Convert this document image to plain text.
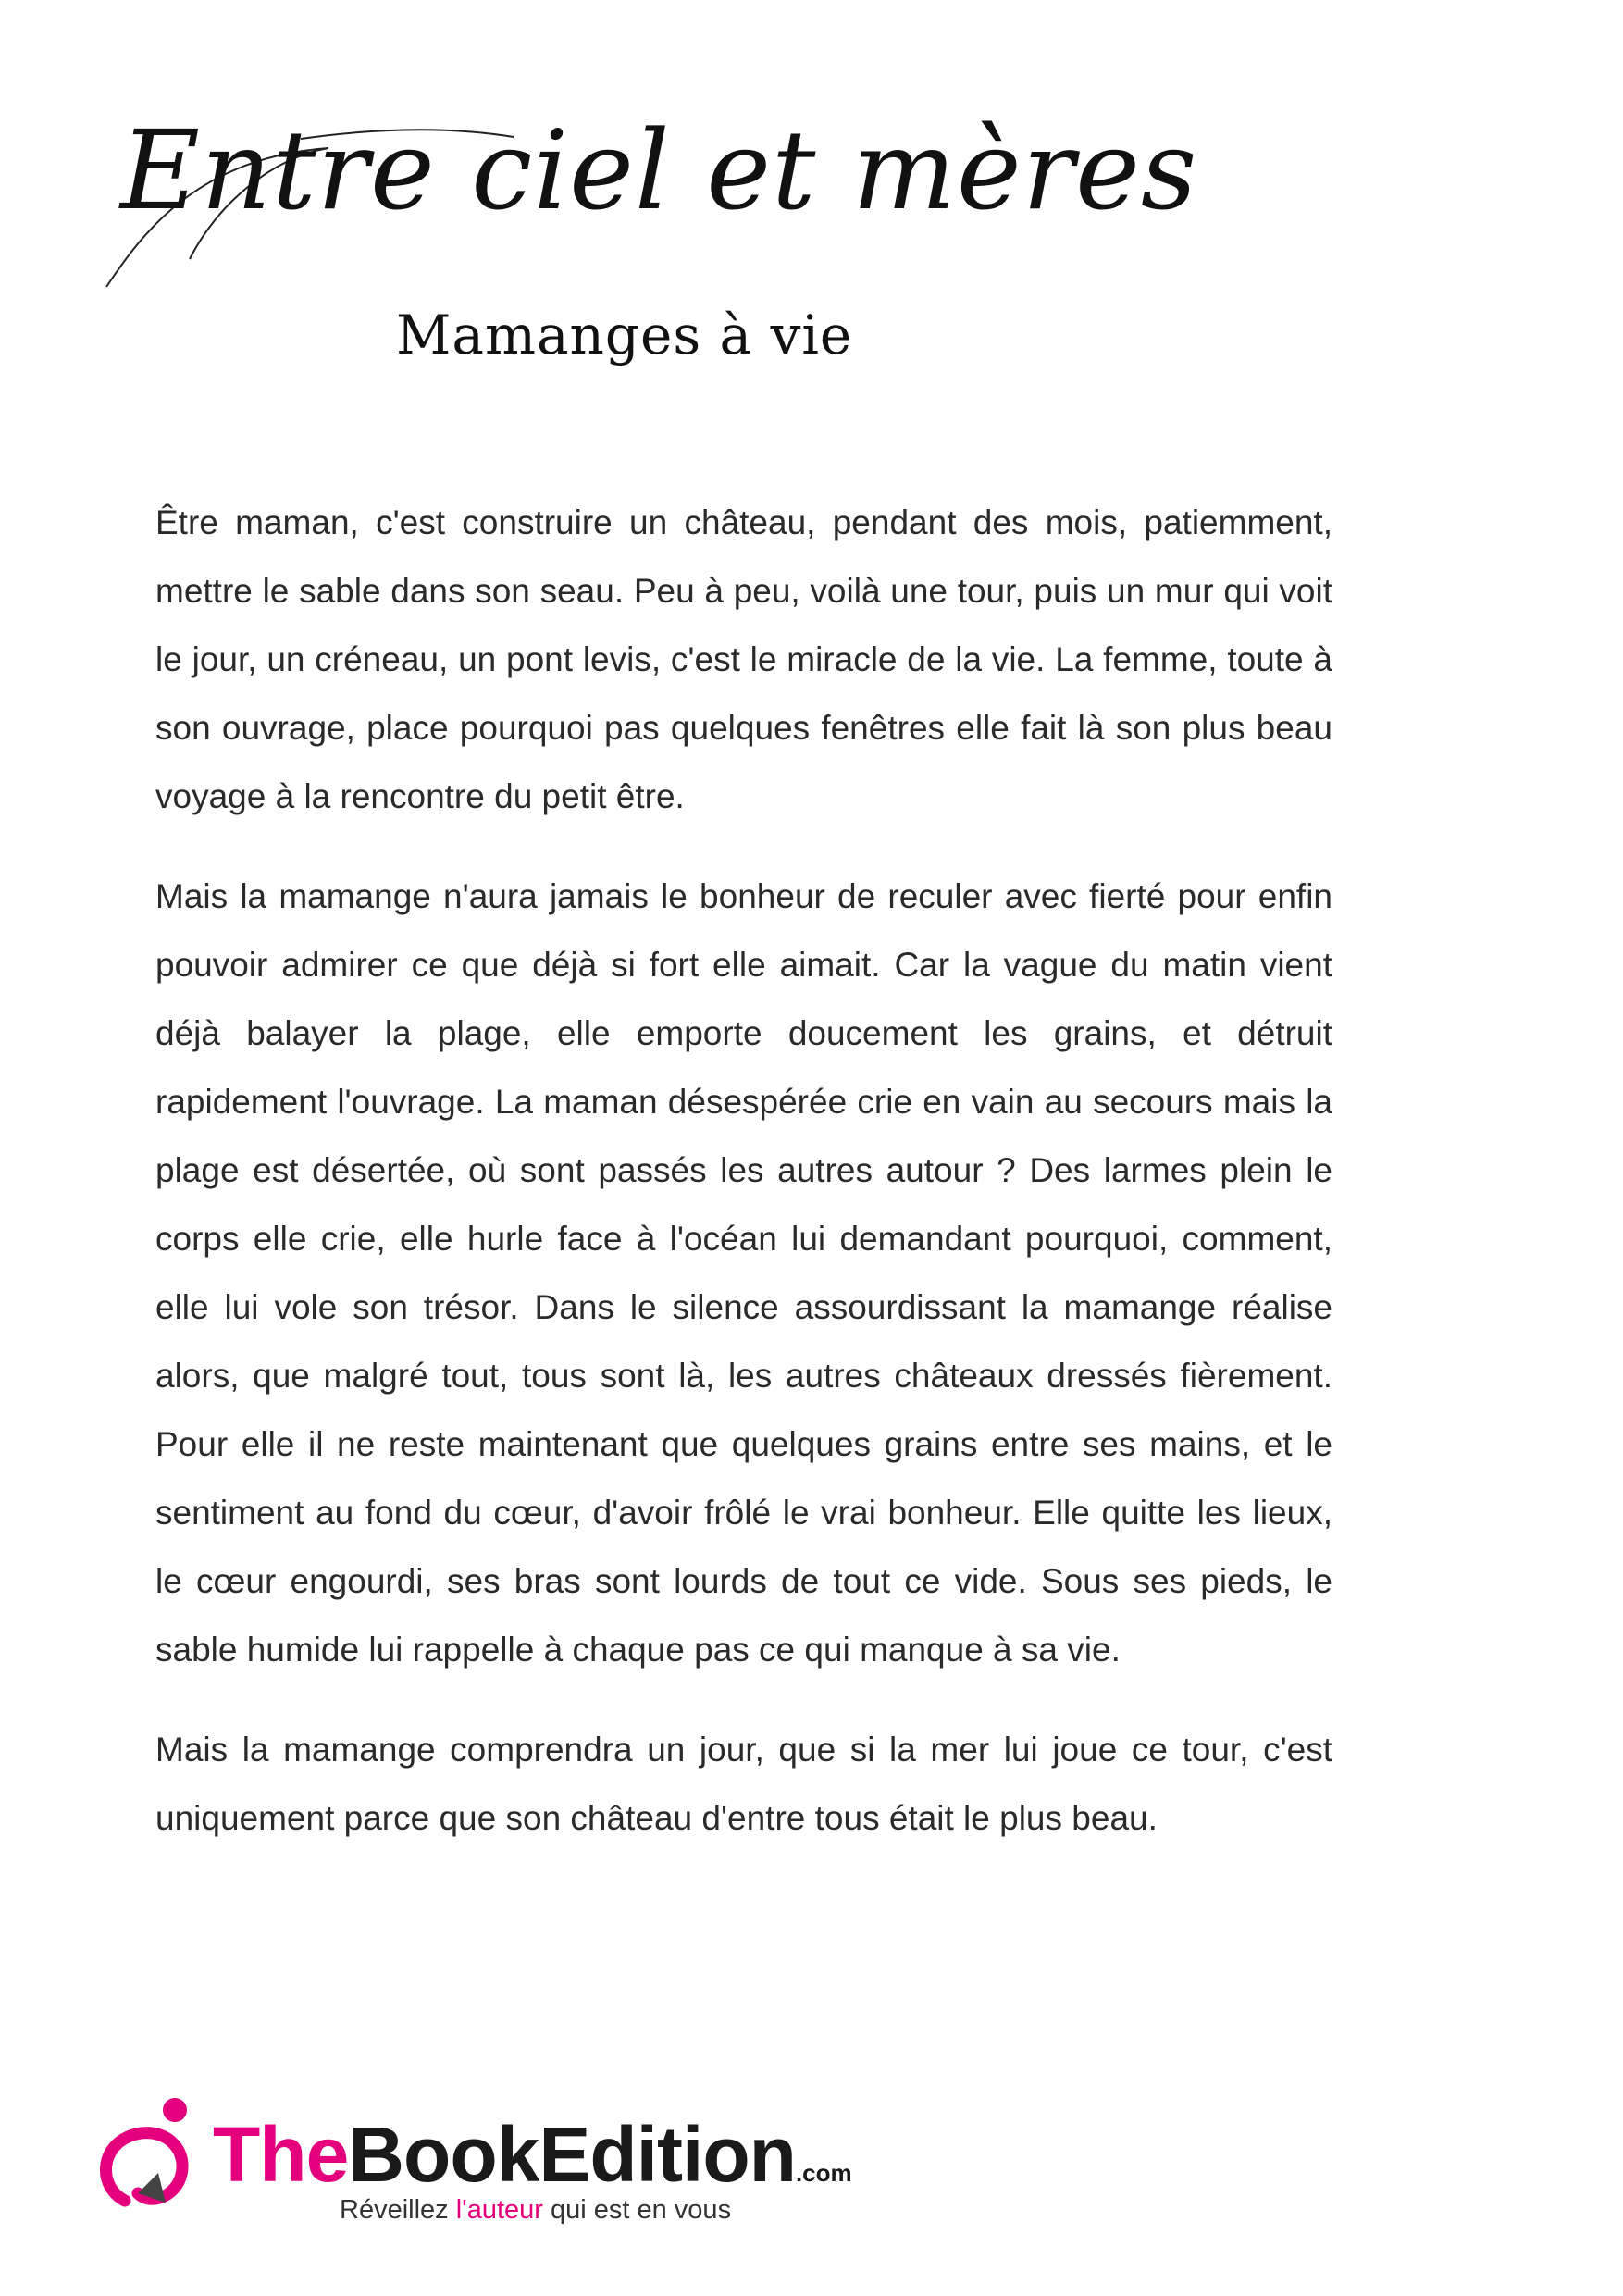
Entre ciel et mères
Mamanges à vie

Être maman, c'est construire un château, pendant des mois, patiemment, mettre le sable dans son seau. Peu à peu, voilà une tour, puis un mur qui voit le jour, un créneau, un pont levis, c'est le miracle de la vie. La femme, toute à son ouvrage, place pourquoi pas quelques fenêtres elle fait là son plus beau voyage à la rencontre du petit être.

Mais la mamange n'aura jamais le bonheur de reculer avec fierté pour enfin pouvoir admirer ce que déjà si fort elle aimait. Car la vague du matin vient déjà balayer la plage, elle emporte doucement les grains, et détruit rapidement l'ouvrage. La maman désespérée crie en vain au secours mais la plage est désertée, où sont passés les autres autour ? Des larmes plein le corps elle crie, elle hurle face à l'océan lui demandant pourquoi, comment, elle lui vole son trésor. Dans le silence assourdissant la mamange réalise alors, que malgré tout, tous sont là, les autres châteaux dressés fièrement. Pour elle il ne reste maintenant que quelques grains entre ses mains, et le sentiment au fond du cœur, d'avoir frôlé le vrai bonheur. Elle quitte les lieux, le cœur engourdi, ses bras sont lourds de tout ce vide. Sous ses pieds, le sable humide lui rappelle à chaque pas ce qui manque à sa vie.

Mais la mamange comprendra un jour, que si la mer lui joue ce tour, c'est uniquement parce que son château d'entre tous était le plus beau.

TheBookEdition.com
Réveillez l'auteur qui est en vous
